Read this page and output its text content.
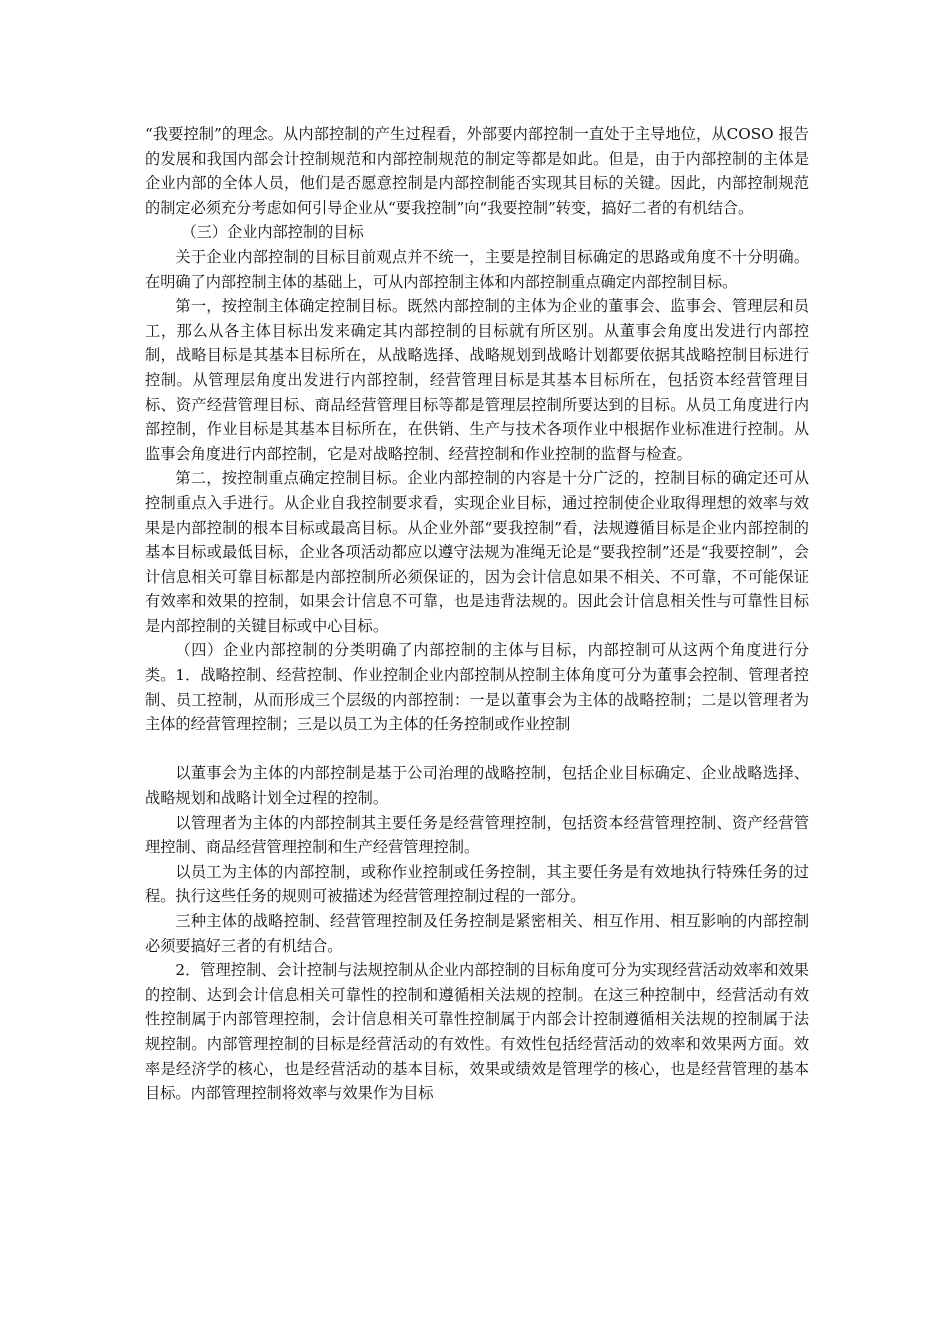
“我要控制”的理念。从内部控制的产生过程看，外部要内部控制一直处于主导地位，从COSO 报告的发展和我国内部会计控制规范和内部控制规范的制定等都是如此。但是，由于内部控制的主体是企业内部的全体人员，他们是否愿意控制是内部控制能否实现其目标的关键。因此，内部控制规范的制定必须充分考虑如何引导企业从“要我控制”向“我要控制”转变，搞好二者的有机结合。

（三）企业内部控制的目标

关于企业内部控制的目标目前观点并不统一，主要是控制目标确定的思路或角度不十分明确。在明确了内部控制主体的基础上，可从内部控制主体和内部控制重点确定内部控制目标。

第一，按控制主体确定控制目标。既然内部控制的主体为企业的董事会、监事会、管理层和员工，那么从各主体目标出发来确定其内部控制的目标就有所区别。从董事会角度出发进行内部控制，战略目标是其基本目标所在，从战略选择、战略规划到战略计划都要依据其战略控制目标进行控制。从管理层角度出发进行内部控制，经营管理目标是其基本目标所在，包括资本经营管理目标、资产经营管理目标、商品经营管理目标等都是管理层控制所要达到的目标。从员工角度进行内部控制，作业目标是其基本目标所在，在供销、生产与技术各项作业中根据作业标准进行控制。从监事会角度进行内部控制，它是对战略控制、经营控制和作业控制的监督与检查。

第二，按控制重点确定控制目标。企业内部控制的内容是十分广泛的，控制目标的确定还可从控制重点入手进行。从企业自我控制要求看，实现企业目标，通过控制使企业取得理想的效率与效果是内部控制的根本目标或最高目标。从企业外部“要我控制”看，法规遵循目标是企业内部控制的基本目标或最低目标，企业各项活动都应以遵守法规为准绳无论是“要我控制”还是“我要控制”，会计信息相关可靠目标都是内部控制所必须保证的，因为会计信息如果不相关、不可靠，不可能保证有效率和效果的控制，如果会计信息不可靠，也是违背法规的。因此会计信息相关性与可靠性目标是内部控制的关键目标或中心目标。

（四）企业内部控制的分类明确了内部控制的主体与目标，内部控制可从这两个角度进行分类。1．战略控制、经营控制、作业控制企业内部控制从控制主体角度可分为董事会控制、管理者控制、员工控制，从而形成三个层级的内部控制：一是以董事会为主体的战略控制；二是以管理者为主体的经营管理控制；三是以员工为主体的任务控制或作业控制

以董事会为主体的内部控制是基于公司治理的战略控制，包括企业目标确定、企业战略选择、战略规划和战略计划全过程的控制。

以管理者为主体的内部控制其主要任务是经营管理控制，包括资本经营管理控制、资产经营管理控制、商品经营管理控制和生产经营管理控制。

以员工为主体的内部控制，或称作业控制或任务控制，其主要任务是有效地执行特殊任务的过程。执行这些任务的规则可被描述为经营管理控制过程的一部分。

三种主体的战略控制、经营管理控制及任务控制是紧密相关、相互作用、相互影响的内部控制必须要搞好三者的有机结合。

2．管理控制、会计控制与法规控制从企业内部控制的目标角度可分为实现经营活动效率和效果的控制、达到会计信息相关可靠性的控制和遵循相关法规的控制。在这三种控制中，经营活动有效性控制属于内部管理控制，会计信息相关可靠性控制属于内部会计控制遵循相关法规的控制属于法规控制。内部管理控制的目标是经营活动的有效性。有效性包括经营活动的效率和效果两方面。效率是经济学的核心，也是经营活动的基本目标，效果或绩效是管理学的核心，也是经营管理的基本目标。内部管理控制将效率与效果作为目标
